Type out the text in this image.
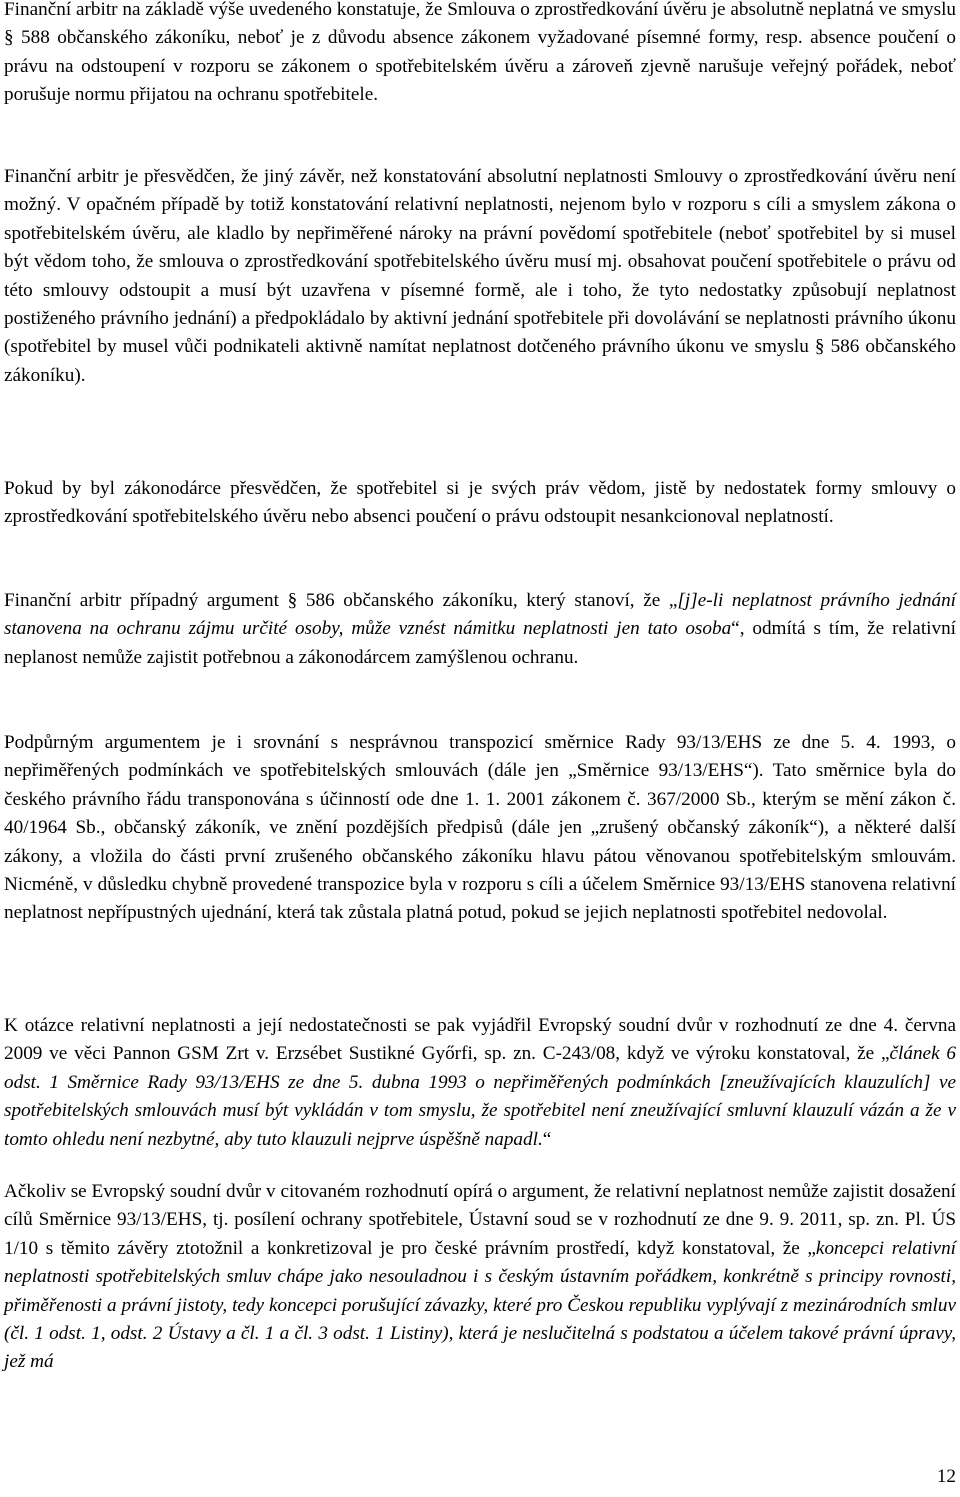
Finanční arbitr na základě výše uvedeného konstatuje, že Smlouva o zprostředkování úvěru je absolutně neplatná ve smyslu § 588 občanského zákoníku, neboť je z důvodu absence zákonem vyžadované písemné formy, resp. absence poučení o právu na odstoupení v rozporu se zákonem o spotřebitelském úvěru a zároveň zjevně narušuje veřejný pořádek, neboť porušuje normu přijatou na ochranu spotřebitele.

Finanční arbitr je přesvědčen, že jiný závěr, než konstatování absolutní neplatnosti Smlouvy o zprostředkování úvěru není možný. V opačném případě by totiž konstatování relativní neplatnosti, nejenom bylo v rozporu s cíli a smyslem zákona o spotřebitelském úvěru, ale kladlo by nepřiměřené nároky na právní povědomí spotřebitele (neboť spotřebitel by si musel být vědom toho, že smlouva o zprostředkování spotřebitelského úvěru musí mj. obsahovat poučení spotřebitele o právu od této smlouvy odstoupit a musí být uzavřena v písemné formě, ale i toho, že tyto nedostatky způsobují neplatnost postiženého právního jednání) a předpokládalo by aktivní jednání spotřebitele při dovolávání se neplatnosti právního úkonu (spotřebitel by musel vůči podnikateli aktivně namítat neplatnost dotčeného právního úkonu ve smyslu § 586 občanského zákoníku).

Pokud by byl zákonodárce přesvědčen, že spotřebitel si je svých práv vědom, jistě by nedostatek formy smlouvy o zprostředkování spotřebitelského úvěru nebo absenci poučení o právu odstoupit nesankcionoval neplatností.

Finanční arbitr případný argument § 586 občanského zákoníku, který stanoví, že „[j]e-li neplatnost právního jednání stanovena na ochranu zájmu určité osoby, může vznést námitku neplatnosti jen tato osoba“, odmítá s tím, že relativní neplanost nemůže zajistit potřebnou a zákonodárcem zamýšlenou ochranu.

Podpůrným argumentem je i srovnání s nesprávnou transpozicí směrnice Rady 93/13/EHS ze dne 5. 4. 1993, o nepřiměřených podmínkách ve spotřebitelských smlouvách (dále jen „Směrnice 93/13/EHS“). Tato směrnice byla do českého právního řádu transponována s účinností ode dne 1. 1. 2001 zákonem č. 367/2000 Sb., kterým se mění zákon č. 40/1964 Sb., občanský zákoník, ve znění pozdějších předpisů (dále jen „zrušený občanský zákoník“), a některé další zákony, a vložila do části první zrušeného občanského zákoníku hlavu pátou věnovanou spotřebitelským smlouvám. Nicméně, v důsledku chybně provedené transpozice byla v rozporu s cíli a účelem Směrnice 93/13/EHS stanovena relativní neplatnost nepřípustných ujednání, která tak zůstala platná potud, pokud se jejich neplatnosti spotřebitel nedovolal.

K otázce relativní neplatnosti a její nedostatečnosti se pak vyjádřil Evropský soudní dvůr v rozhodnutí ze dne 4. června 2009 ve věci Pannon GSM Zrt v. Erzsébet Sustikné Győrfi, sp. zn. C-243/08, když ve výroku konstatoval, že „článek 6 odst. 1 Směrnice Rady 93/13/EHS ze dne 5. dubna 1993 o nepřiměřených podmínkách [zneužívajících klauzulích] ve spotřebitelských smlouvách musí být vykládán v tom smyslu, že spotřebitel není zneužívající smluvní klauzulí vázán a že v tomto ohledu není nezbytné, aby tuto klauzuli nejprve úspěšně napadl.“

Ačkoliv se Evropský soudní dvůr v citovaném rozhodnutí opírá o argument, že relativní neplatnost nemůže zajistit dosažení cílů Směrnice 93/13/EHS, tj. posílení ochrany spotřebitele, Ústavní soud se v rozhodnutí ze dne 9. 9. 2011, sp. zn. Pl. ÚS 1/10 s těmito závěry ztotožnil a konkretizoval je pro české právním prostředí, když konstatoval, že „koncepci relativní neplatnosti spotřebitelských smluv chápe jako nesouladnou i s českým ústavním pořádkem, konkrétně s principy rovnosti, přiměřenosti a právní jistoty, tedy koncepci porušující závazky, které pro Českou republiku vyplývají z mezinárodních smluv (čl. 1 odst. 1, odst. 2 Ústavy a čl. 1 a čl. 3 odst. 1 Listiny), která je neslučitelná s podstatou a účelem takové právní úpravy, jež má

12
